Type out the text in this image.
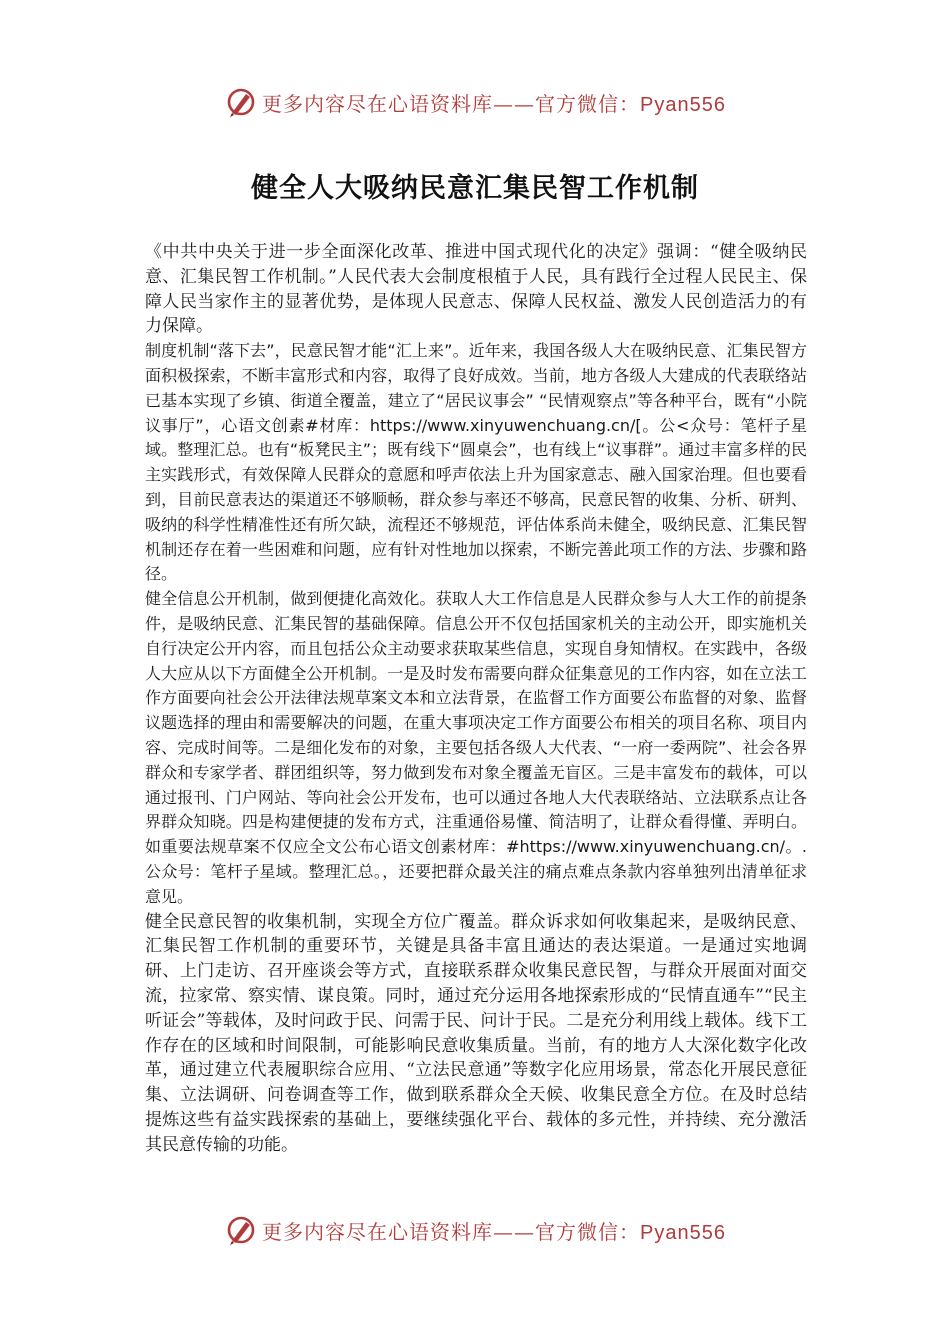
更多内容尽在心语资料库——官方微信：Pyan556
健全人大吸纳民意汇集民智工作机制

《中共中央关于进一步全面深化改革、推进中国式现代化的决定》强调：“健全吸纳民意、汇集民智工作机制。”人民代表大会制度根植于人民，具有践行全过程人民民主、保障人民当家作主的显著优势，是体现人民意志、保障人民权益、激发人民创造活力的有力保障。

制度机制“落下去”，民意民智才能“汇上来”。近年来，我国各级人大在吸纳民意、汇集民智方面积极探索，不断丰富形式和内容，取得了良好成效。当前，地方各级人大建成的代表联络站已基本实现了乡镇、街道全覆盖，建立了“居民议事会” “民情观察点”等各种平台，既有“小院议事厅”，心语文创素#材库：https://www.xinyuwenchuang.cn/[。公<众号：笔杆子星域。整理汇总。也有“板凳民主”；既有线下“圆桌会”，也有线上“议事群”。通过丰富多样的民主实践形式，有效保障人民群众的意愿和呼声依法上升为国家意志、融入国家治理。但也要看到，目前民意表达的渠道还不够顺畅，群众参与率还不够高，民意民智的收集、分析、研判、吸纳的科学性精准性还有所欠缺，流程还不够规范，评估体系尚未健全，吸纳民意、汇集民智机制还存在着一些困难和问题，应有针对性地加以探索，不断完善此项工作的方法、步骤和路径。

健全信息公开机制，做到便捷化高效化。获取人大工作信息是人民群众参与人大工作的前提条件，是吸纳民意、汇集民智的基础保障。信息公开不仅包括国家机关的主动公开，即实施机关自行决定公开内容，而且包括公众主动要求获取某些信息，实现自身知情权。在实践中，各级人大应从以下方面健全公开机制。一是及时发布需要向群众征集意见的工作内容，如在立法工作方面要向社会公开法律法规草案文本和立法背景，在监督工作方面要公布监督的对象、监督议题选择的理由和需要解决的问题，在重大事项决定工作方面要公布相关的项目名称、项目内容、完成时间等。二是细化发布的对象，主要包括各级人大代表、“一府一委两院”、社会各界群众和专家学者、群团组织等，努力做到发布对象全覆盖无盲区。三是丰富发布的载体，可以通过报刊、门户网站、等向社会公开发布，也可以通过各地人大代表联络站、立法联系点让各界群众知晓。四是构建便捷的发布方式，注重通俗易懂、简洁明了，让群众看得懂、弄明白。如重要法规草案不仅应全文公布心语文创素材库：#https://www.xinyuwenchuang.cn/。.公众号：笔杆子星域。整理汇总。，还要把群众最关注的痛点难点条款内容单独列出清单征求意见。

健全民意民智的收集机制，实现全方位广覆盖。群众诉求如何收集起来，是吸纳民意、汇集民智工作机制的重要环节，关键是具备丰富且通达的表达渠道。一是通过实地调研、上门走访、召开座谈会等方式，直接联系群众收集民意民智，与群众开展面对面交流，拉家常、察实情、谋良策。同时，通过充分运用各地探索形成的“民情直通车”“民主听证会”等载体，及时问政于民、问需于民、问计于民。二是充分利用线上载体。线下工作存在的区域和时间限制，可能影响民意收集质量。当前，有的地方人大深化数字化改革，通过建立代表履职综合应用、“立法民意通”等数字化应用场景，常态化开展民意征集、立法调研、问卷调查等工作，做到联系群众全天候、收集民意全方位。在及时总结提炼这些有益实践探索的基础上，要继续强化平台、载体的多元性，并持续、充分激活其民意传输的功能。

更多内容尽在心语资料库——官方微信：Pyan556
